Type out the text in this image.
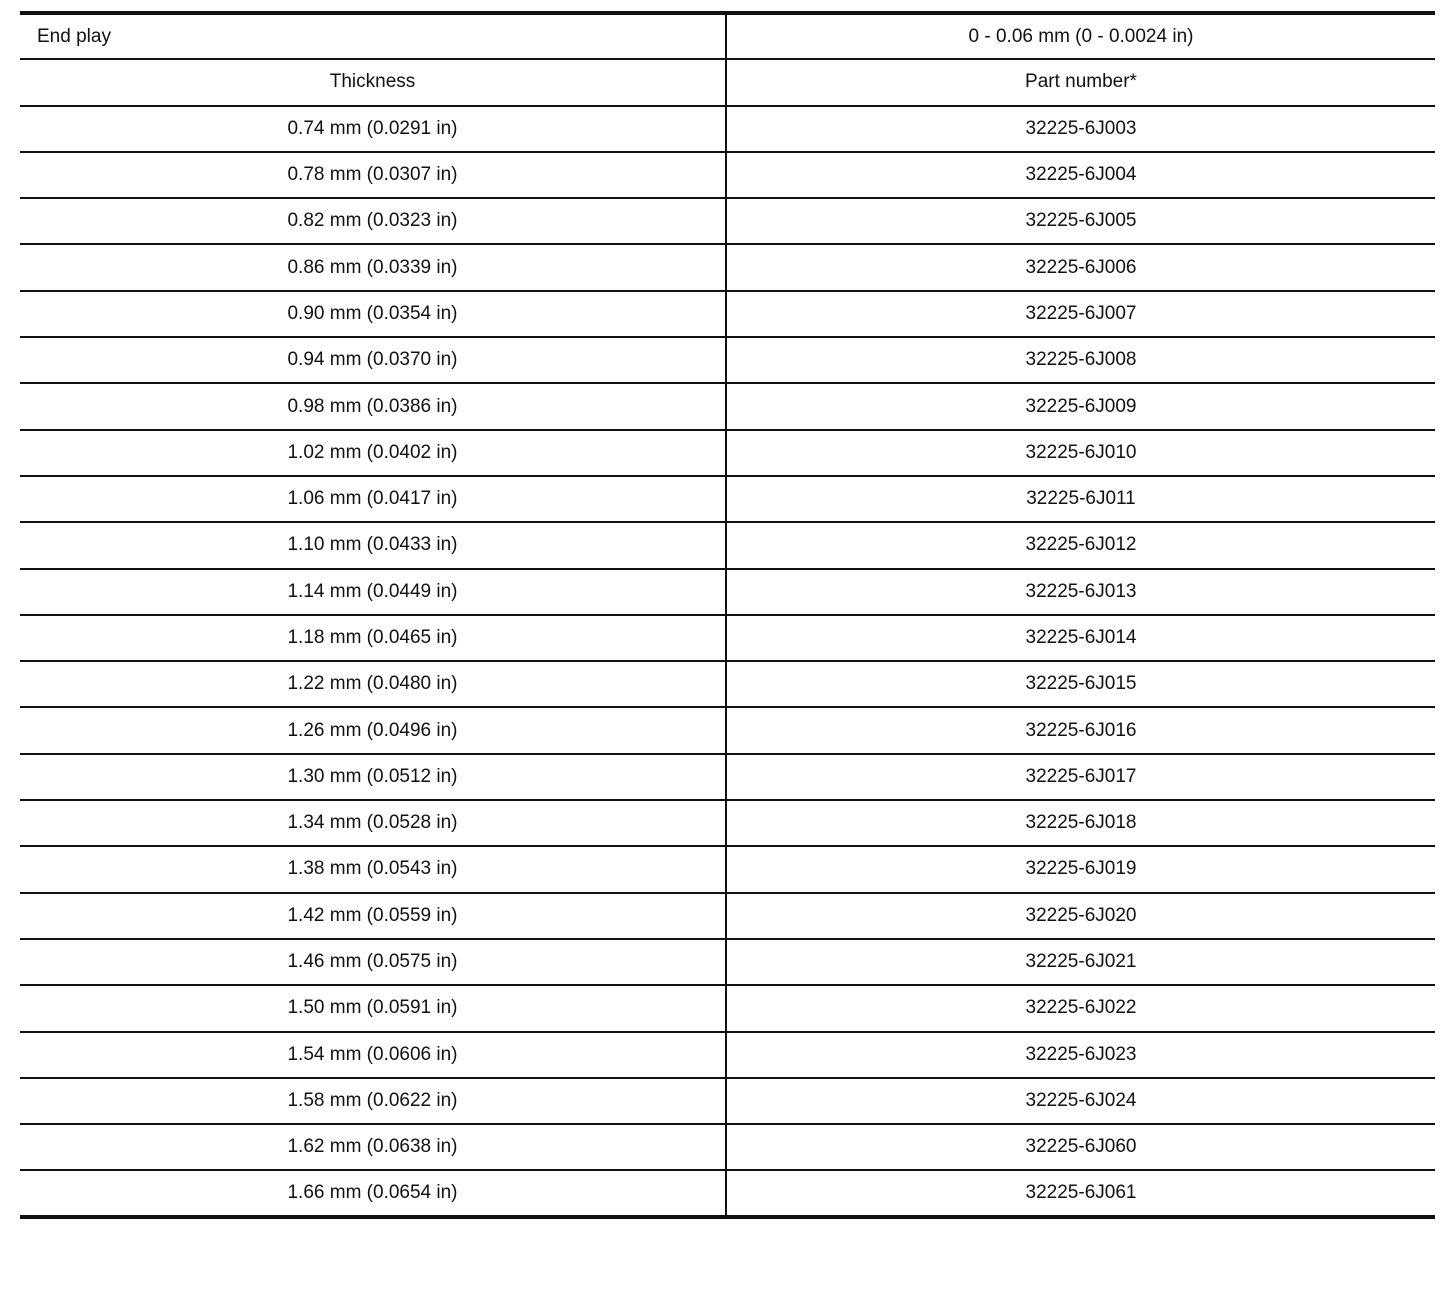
End play	0 - 0.06 mm (0 - 0.0024 in)
Thickness	Part number*
0.74 mm (0.0291 in)	32225-6J003
0.78 mm (0.0307 in)	32225-6J004
0.82 mm (0.0323 in)	32225-6J005
0.86 mm (0.0339 in)	32225-6J006
0.90 mm (0.0354 in)	32225-6J007
0.94 mm (0.0370 in)	32225-6J008
0.98 mm (0.0386 in)	32225-6J009
1.02 mm (0.0402 in)	32225-6J010
1.06 mm (0.0417 in)	32225-6J011
1.10 mm (0.0433 in)	32225-6J012
1.14 mm (0.0449 in)	32225-6J013
1.18 mm (0.0465 in)	32225-6J014
1.22 mm (0.0480 in)	32225-6J015
1.26 mm (0.0496 in)	32225-6J016
1.30 mm (0.0512 in)	32225-6J017
1.34 mm (0.0528 in)	32225-6J018
1.38 mm (0.0543 in)	32225-6J019
1.42 mm (0.0559 in)	32225-6J020
1.46 mm (0.0575 in)	32225-6J021
1.50 mm (0.0591 in)	32225-6J022
1.54 mm (0.0606 in)	32225-6J023
1.58 mm (0.0622 in)	32225-6J024
1.62 mm (0.0638 in)	32225-6J060
1.66 mm (0.0654 in)	32225-6J061
